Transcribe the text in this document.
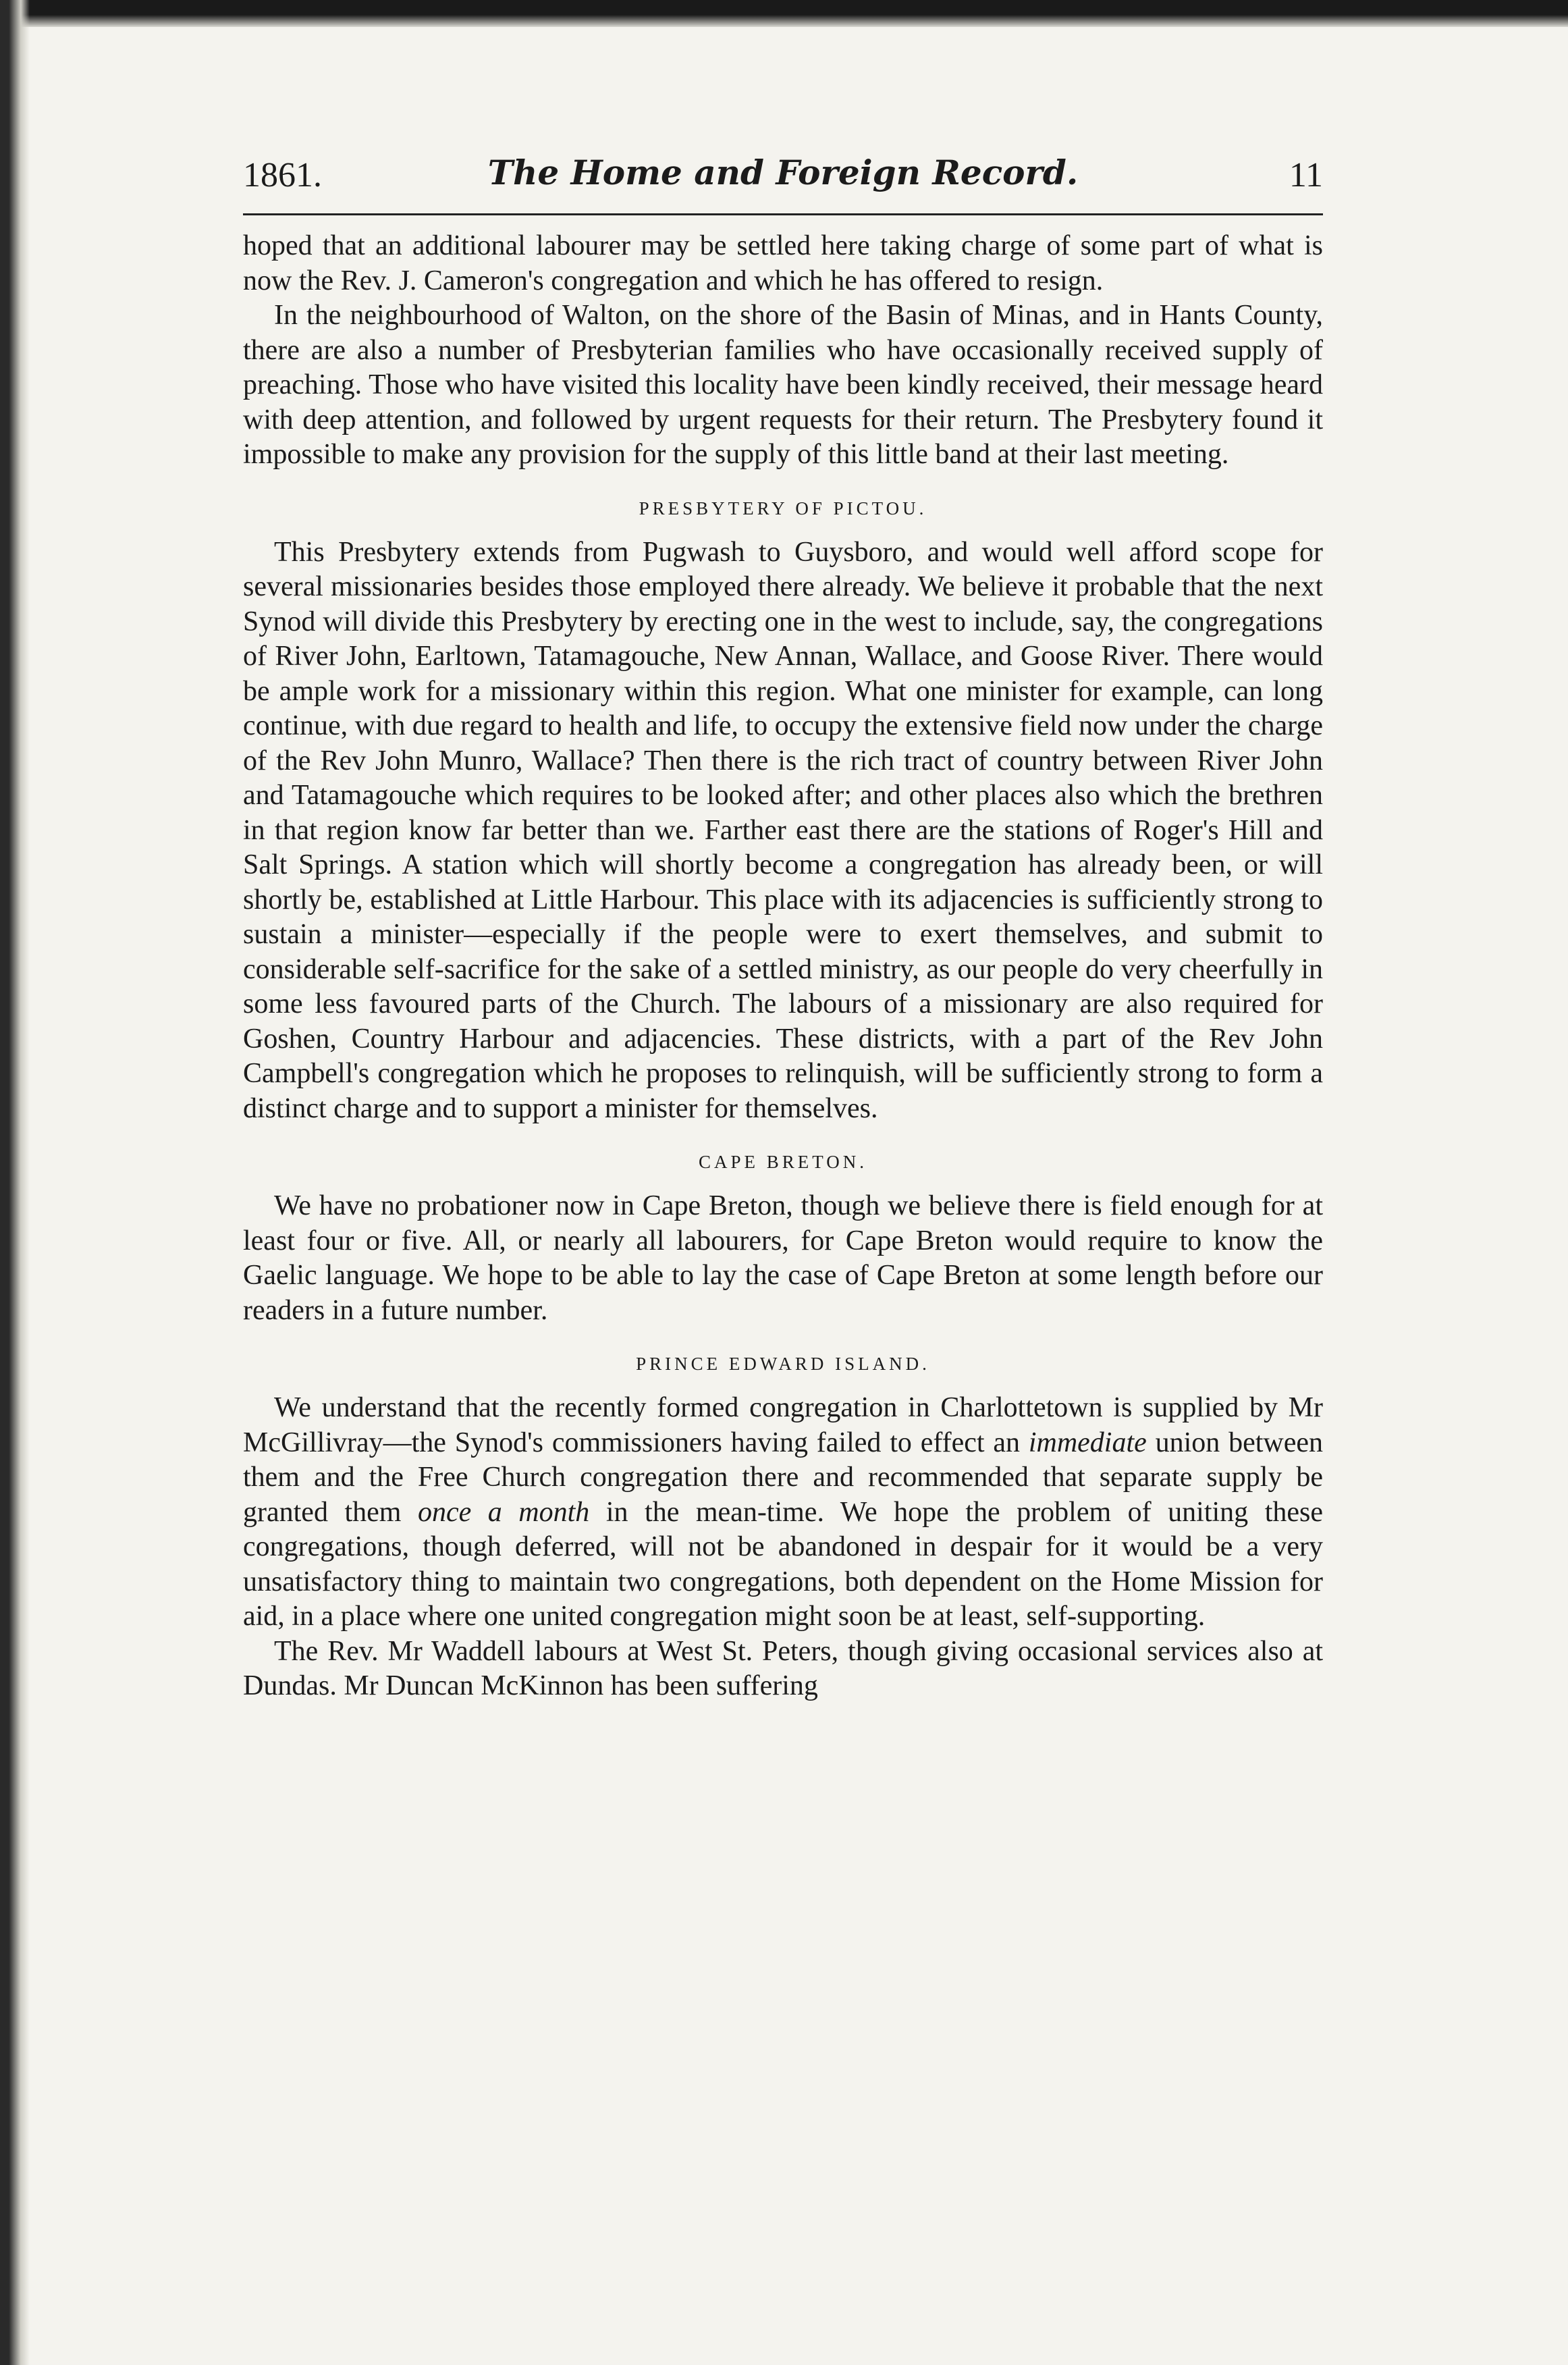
1861.	The Home and Foreign Record.	11

hoped that an additional labourer may be settled here taking charge of some part of what is now the Rev. J. Cameron's congregation and which he has offered to resign.

In the neighbourhood of Walton, on the shore of the Basin of Minas, and in Hants County, there are also a number of Presbyterian families who have occasionally received supply of preaching. Those who have visited this locality have been kindly received, their message heard with deep attention, and followed by urgent requests for their return. The Presbytery found it impossible to make any provision for the supply of this little band at their last meeting.

PRESBYTERY OF PICTOU.

This Presbytery extends from Pugwash to Guysboro, and would well afford scope for several missionaries besides those employed there already. We believe it probable that the next Synod will divide this Presbytery by erecting one in the west to include, say, the congregations of River John, Earltown, Tatamagouche, New Annan, Wallace, and Goose River. There would be ample work for a missionary within this region. What one minister for example, can long continue, with due regard to health and life, to occupy the extensive field now under the charge of the Rev John Munro, Wallace? Then there is the rich tract of country between River John and Tatamagouche which requires to be looked after; and other places also which the brethren in that region know far better than we. Farther east there are the stations of Roger's Hill and Salt Springs. A station which will shortly become a congregation has already been, or will shortly be, established at Little Harbour. This place with its adjacencies is sufficiently strong to sustain a minister—especially if the people were to exert themselves, and submit to considerable self-sacrifice for the sake of a settled ministry, as our people do very cheerfully in some less favoured parts of the Church. The labours of a missionary are also required for Goshen, Country Harbour and adjacencies. These districts, with a part of the Rev John Campbell's congregation which he proposes to relinquish, will be sufficiently strong to form a distinct charge and to support a minister for themselves.

CAPE BRETON.

We have no probationer now in Cape Breton, though we believe there is field enough for at least four or five. All, or nearly all labourers, for Cape Breton would require to know the Gaelic language. We hope to be able to lay the case of Cape Breton at some length before our readers in a future number.

PRINCE EDWARD ISLAND.

We understand that the recently formed congregation in Charlottetown is supplied by Mr McGillivray—the Synod's commissioners having failed to effect an immediate union between them and the Free Church congregation there and recommended that separate supply be granted them once a month in the mean-time. We hope the problem of uniting these congregations, though deferred, will not be abandoned in despair for it would be a very unsatisfactory thing to maintain two congregations, both dependent on the Home Mission for aid, in a place where one united congregation might soon be at least, self-supporting.

The Rev. Mr Waddell labours at West St. Peters, though giving occasional services also at Dundas. Mr Duncan McKinnon has been suffering
